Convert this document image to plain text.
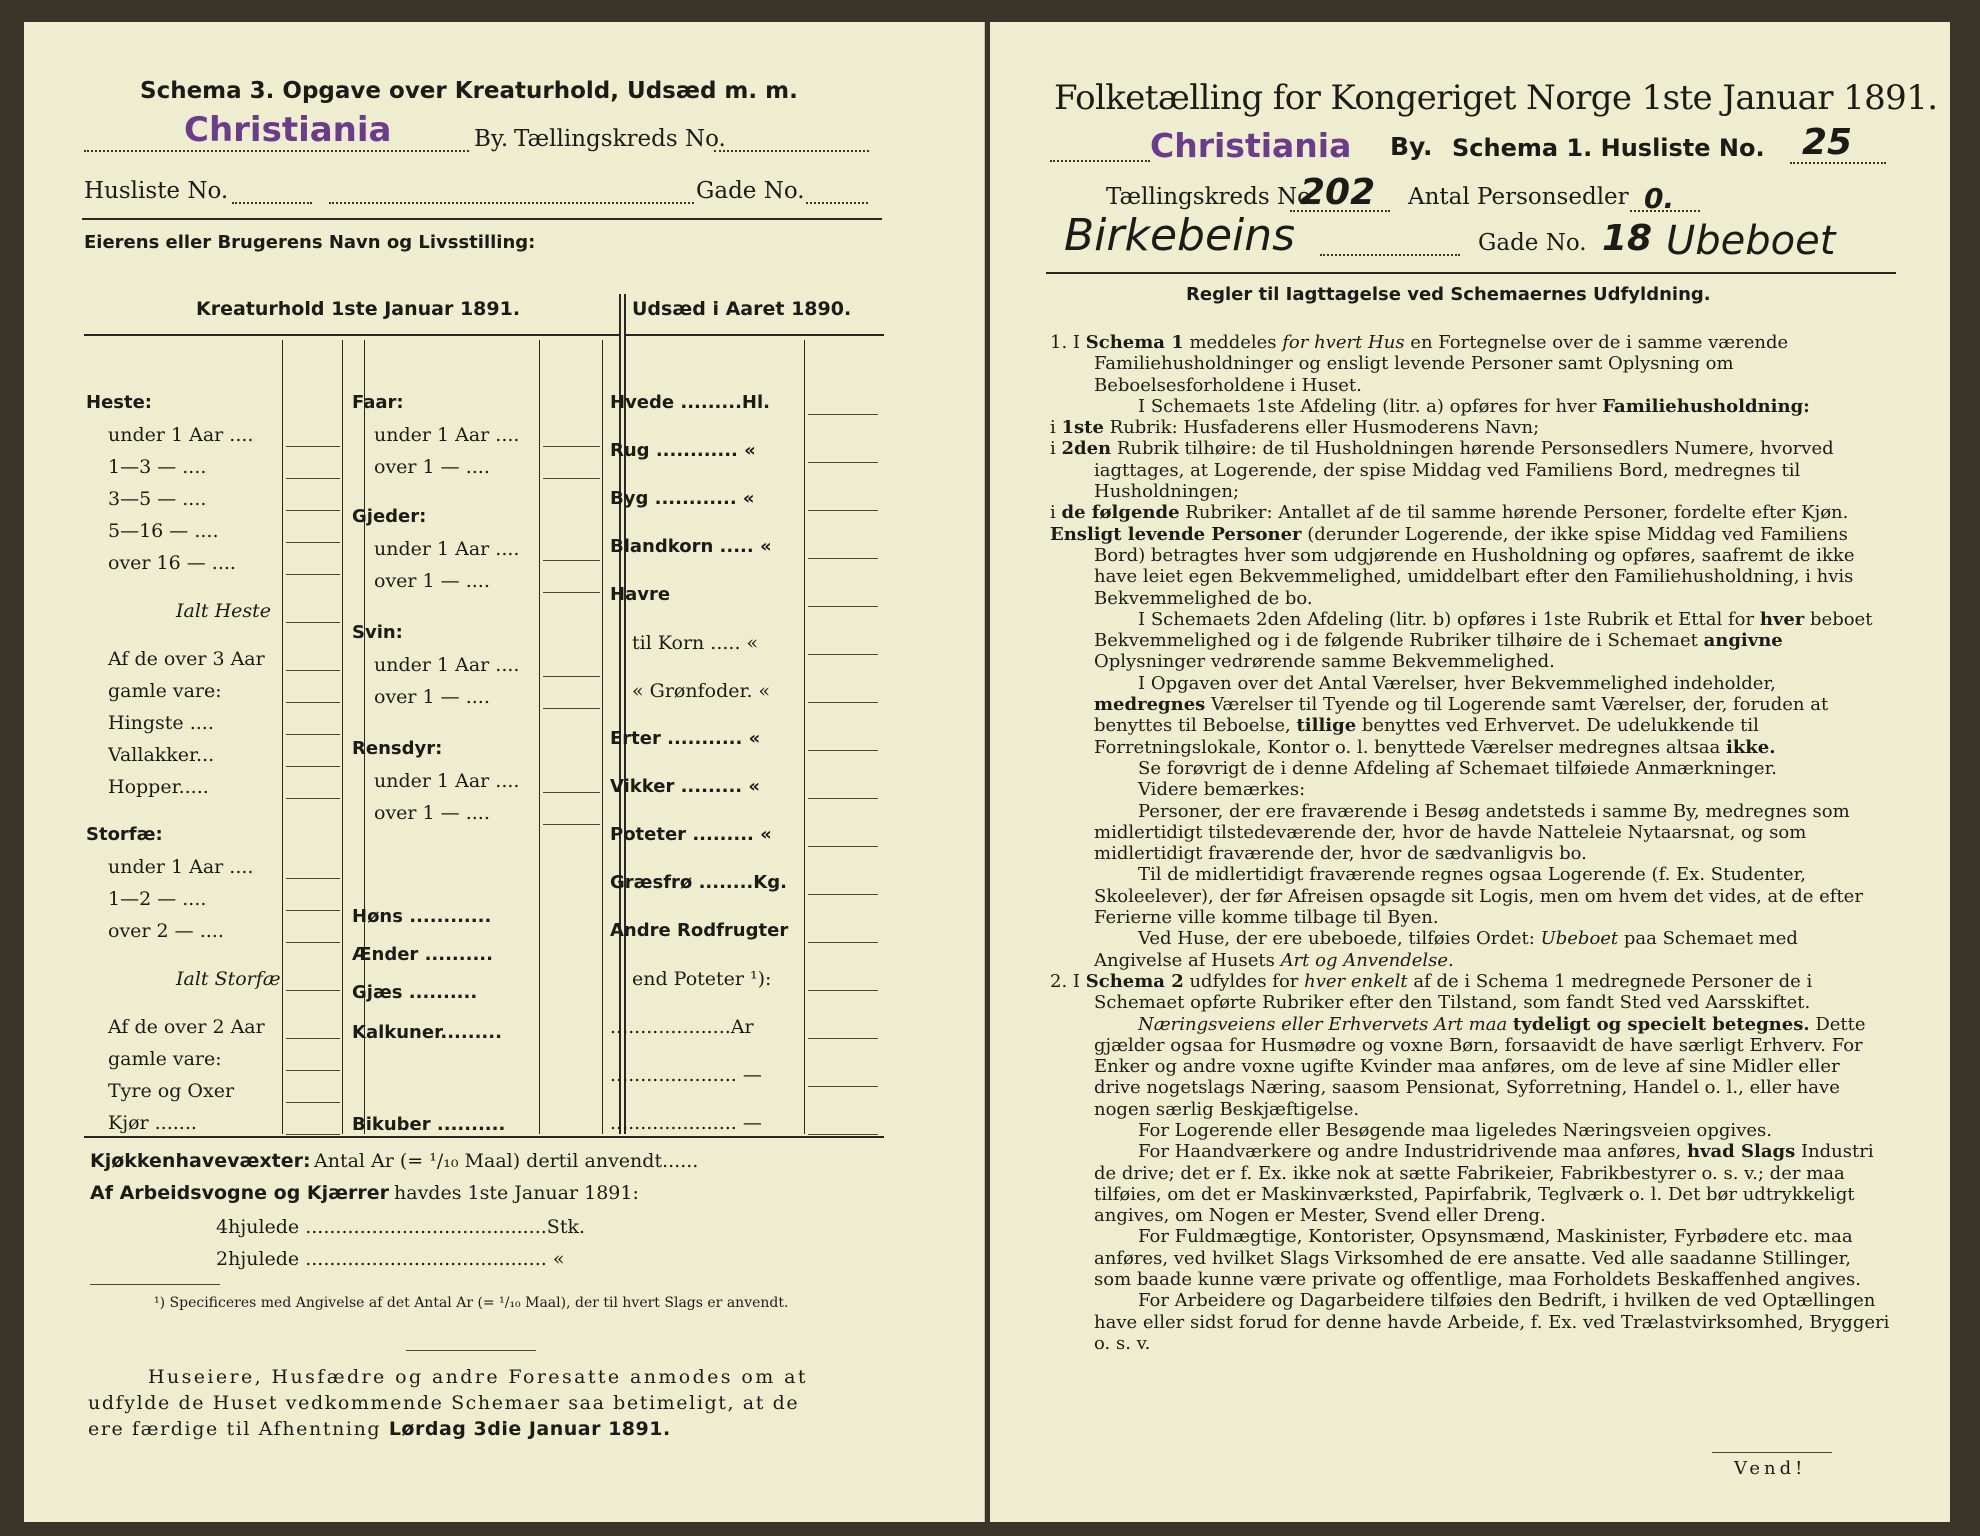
Schema 3. Opgave over Kreaturhold, Udsæd m. m.
Christiania	By. Tællingskreds No.
Husliste No.	Gade No.
Eierens eller Brugerens Navn og Livsstilling:
Kreaturhold 1ste Januar 1891.	Udsæd i Aaret 1890.
Heste:
under 1 Aar ....
1—3 — ....
3—5 — ....
5—16 — ....
over 16 — ....
Ialt Heste
Af de over 3 Aar
gamle vare:
Hingste ....
Vallakker...
Hopper.....
Storfæ:
under 1 Aar ....
1—2 — ....
over 2 — ....
Ialt Storfæ
Af de over 2 Aar
gamle vare:
Tyre og Oxer
Kjør .......
Faar:
under 1 Aar ....
over 1 — ....
Gjeder:
under 1 Aar ....
over 1 — ....
Svin:
under 1 Aar ....
over 1 — ....
Rensdyr:
under 1 Aar ....
over 1 — ....
Høns ............
Ænder ..........
Gjæs ..........
Kalkuner.........
Bikuber ..........
Hvede .........Hl.
Rug ............ «
Byg ............ «
Blandkorn ..... «
Havre
til Korn ..... «
« Grønfoder. «
Erter ........... «
Vikker ......... «
Poteter ......... «
Græsfrø ........Kg.
Andre Rodfrugter
end Poteter ¹):
....................Ar
..................... —
..................... —
Kjøkkenhavevæxter: Antal Ar (= ¹/₁₀ Maal) dertil anvendt......
Af Arbeidsvogne og Kjærrer havdes 1ste Januar 1891:
4hjulede ........................................Stk.
2hjulede ........................................ «
¹) Specificeres med Angivelse af det Antal Ar (= ¹/₁₀ Maal), der til hvert Slags er anvendt.
Huseiere, Husfædre og andre Foresatte anmodes om at
udfylde de Huset vedkommende Schemaer saa betimeligt, at de
ere færdige til Afhentning Lørdag 3die Januar 1891.
Folketælling for Kongeriget Norge 1ste Januar 1891.
Christiania By. Schema 1. Husliste No. 25
Tællingskreds No.
202 Antal Personsedler 0.
Birkebeins	Gade No. 18 Ubeboet
Regler til Iagttagelse ved Schemaernes Udfyldning.

1. I Schema 1 meddeles for hvert Hus en Fortegnelse over de i samme værende Familiehusholdninger og ensligt levende Personer samt Oplysning om Beboelsesforholdene i Huset.

I Schemaets 1ste Afdeling (litr. a) opføres for hver Familiehusholdning:

i 1ste Rubrik: Husfaderens eller Husmoderens Navn;

i 2den Rubrik tilhøire: de til Husholdningen hørende Personsedlers Numere, hvorved iagttages, at Logerende, der spise Middag ved Familiens Bord, medregnes til Husholdningen;

i de følgende Rubriker: Antallet af de til samme hørende Personer, fordelte efter Kjøn.

Ensligt levende Personer (derunder Logerende, der ikke spise Middag ved Familiens Bord) betragtes hver som udgjørende en Husholdning og opføres, saafremt de ikke have leiet egen Bekvemmelighed, umiddelbart efter den Familiehusholdning, i hvis Bekvemmelighed de bo.

I Schemaets 2den Afdeling (litr. b) opføres i 1ste Rubrik et Ettal for hver beboet Bekvemmelighed og i de følgende Rubriker tilhøire de i Schemaet angivne Oplysninger vedrørende samme Bekvemmelighed.

I Opgaven over det Antal Værelser, hver Bekvemmelighed indeholder, medregnes Værelser til Tyende og til Logerende samt Værelser, der, foruden at benyttes til Beboelse, tillige benyttes ved Erhvervet. De udelukkende til Forretningslokale, Kontor o. l. benyttede Værelser medregnes altsaa ikke.

Se forøvrigt de i denne Afdeling af Schemaet tilføiede Anmærkninger.

Videre bemærkes:

Personer, der ere fraværende i Besøg andetsteds i samme By, medregnes som midlertidigt tilstedeværende der, hvor de havde Natteleie Nytaarsnat, og som midlertidigt fraværende der, hvor de sædvanligvis bo.

Til de midlertidigt fraværende regnes ogsaa Logerende (f. Ex. Studenter, Skoleelever), der før Afreisen opsagde sit Logis, men om hvem det vides, at de efter Ferierne ville komme tilbage til Byen.

Ved Huse, der ere ubeboede, tilføies Ordet: Ubeboet paa Schemaet med Angivelse af Husets Art og Anvendelse.

2. I Schema 2 udfyldes for hver enkelt af de i Schema 1 medregnede Personer de i Schemaet opførte Rubriker efter den Tilstand, som fandt Sted ved Aarsskiftet.

Næringsveiens eller Erhvervets Art maa tydeligt og specielt betegnes. Dette gjælder ogsaa for Husmødre og voxne Børn, forsaavidt de have særligt Erhverv. For Enker og andre voxne ugifte Kvinder maa anføres, om de leve af sine Midler eller drive nogetslags Næring, saasom Pensionat, Syforretning, Handel o. l., eller have nogen særlig Beskjæftigelse.

For Logerende eller Besøgende maa ligeledes Næringsveien opgives.

For Haandværkere og andre Industridrivende maa anføres, hvad Slags Industri de drive; det er f. Ex. ikke nok at sætte Fabrikeier, Fabrikbestyrer o. s. v.; der maa tilføies, om det er Maskinværksted, Papirfabrik, Teglværk o. l. Det bør udtrykkeligt angives, om Nogen er Mester, Svend eller Dreng.

For Fuldmægtige, Kontorister, Opsynsmænd, Maskinister, Fyrbødere etc. maa anføres, ved hvilket Slags Virksomhed de ere ansatte. Ved alle saadanne Stillinger, som baade kunne være private og offentlige, maa Forholdets Beskaffenhed angives.

For Arbeidere og Dagarbeidere tilføies den Bedrift, i hvilken de ved Optællingen have eller sidst forud for denne havde Arbeide, f. Ex. ved Trælastvirksomhed, Bryggeri o. s. v.

Vend!
